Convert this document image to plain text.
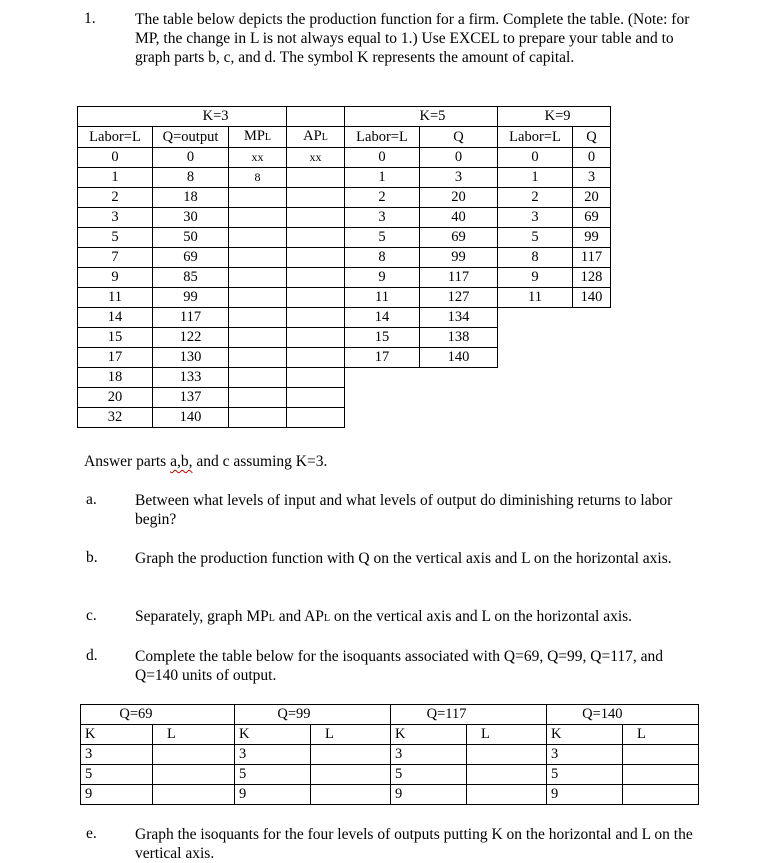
1.	The table below depicts the production function for a firm. Complete the table. (Note: for MP, the change in L is not always equal to 1.) Use EXCEL to prepare your table and to graph parts b, c, and d. The symbol K represents the amount of capital.
	K=3				K=5	K=9	
Labor=L	Q=output	MPL	APL	Labor=L	Q	Labor=L	Q
0	0	xx	xx	0	0	0	0
1	8	8		1	3	1	3
2	18			2	20	2	20
3	30			3	40	3	69
5	50			5	69	5	99
7	69			8	99	8	117
9	85			9	117	9	128
11	99			11	127	11	140
14	117			14	134		
15	122			15	138		
17	130			17	140		
18	133						
20	137						
32	140						
Answer parts a,b, and c assuming K=3.
a. Between what levels of input and what levels of output do diminishing returns to labor begin?
b. Graph the production function with Q on the vertical axis and L on the horizontal axis.
c. Separately, graph MPL and APL on the vertical axis and L on the horizontal axis.
d. Complete the table below for the isoquants associated with Q=69, Q=99, Q=117, and Q=140 units of output.
Q=69		Q=99		Q=117		Q=140	
K	L	K	L	K	L	K	L
3		3		3		3	
5		5		5		5	
9		9		9		9	
e. Graph the isoquants for the four levels of outputs putting K on the horizontal and L on the vertical axis.
